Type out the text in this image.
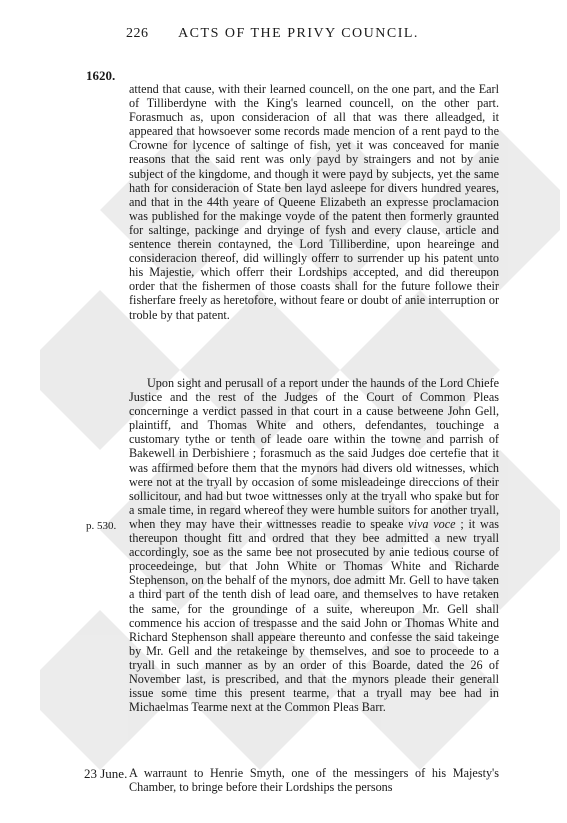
226	ACTS OF THE PRIVY COUNCIL.
1620.
p. 530.
23 June.

attend that cause, with their learned councell, on the one part, and the Earl of Tilliberdyne with the King's learned councell, on the other part. Forasmuch as, upon consideracion of all that was there alleadged, it appeared that howsoever some records made mencion of a rent payd to the Crowne for lycence of saltinge of fish, yet it was conceaved for manie reasons that the said rent was only payd by straingers and not by anie subject of the kingdome, and though it were payd by subjects, yet the same hath for consideracion of State ben layd asleepe for divers hundred yeares, and that in the 44th yeare of Queene Elizabeth an expresse proclamacion was published for the makinge voyde of the patent then formerly graunted for saltinge, packinge and dryinge of fysh and every clause, article and sentence therein contayned, the Lord Tilliberdine, upon heareinge and consideracion thereof, did willingly offerr to surrender up his patent unto his Majestie, which offerr their Lordships accepted, and did thereupon order that the fishermen of those coasts shall for the future followe their fisherfare freely as heretofore, without feare or doubt of anie interruption or troble by that patent.

Upon sight and perusall of a report under the haunds of the Lord Chiefe Justice and the rest of the Judges of the Court of Common Pleas concerninge a verdict passed in that court in a cause betweene John Gell, plaintiff, and Thomas White and others, defendantes, touchinge a customary tythe or tenth of leade oare within the towne and parrish of Bakewell in Derbishiere ; forasmuch as the said Judges doe certefie that it was affirmed before them that the mynors had divers old witnesses, which were not at the tryall by occasion of some misleadeinge direccions of their sollicitour, and had but twoe wittnesses only at the tryall who spake but for a smale time, in regard whereof they were humble suitors for another tryall, when they may have their wittnesses readie to speake viva voce ; it was thereupon thought fitt and ordred that they bee admitted a new tryall accordingly, soe as the same bee not prosecuted by anie tedious course of proceedeinge, but that John White or Thomas White and Richarde Stephenson, on the behalf of the mynors, doe admitt Mr. Gell to have taken a third part of the tenth dish of lead oare, and themselves to have retaken the same, for the groundinge of a suite, whereupon Mr. Gell shall commence his accion of trespasse and the said John or Thomas White and Richard Stephenson shall appeare thereunto and confesse the said takeinge by Mr. Gell and the retakeinge by themselves, and soe to proceede to a tryall in such manner as by an order of this Boarde, dated the 26 of November last, is prescribed, and that the mynors pleade their generall issue some time this present tearme, that a tryall may bee had in Michaelmas Tearme next at the Common Pleas Barr.

A warraunt to Henrie Smyth, one of the messingers of his Majesty's Chamber, to bringe before their Lordships the persons
